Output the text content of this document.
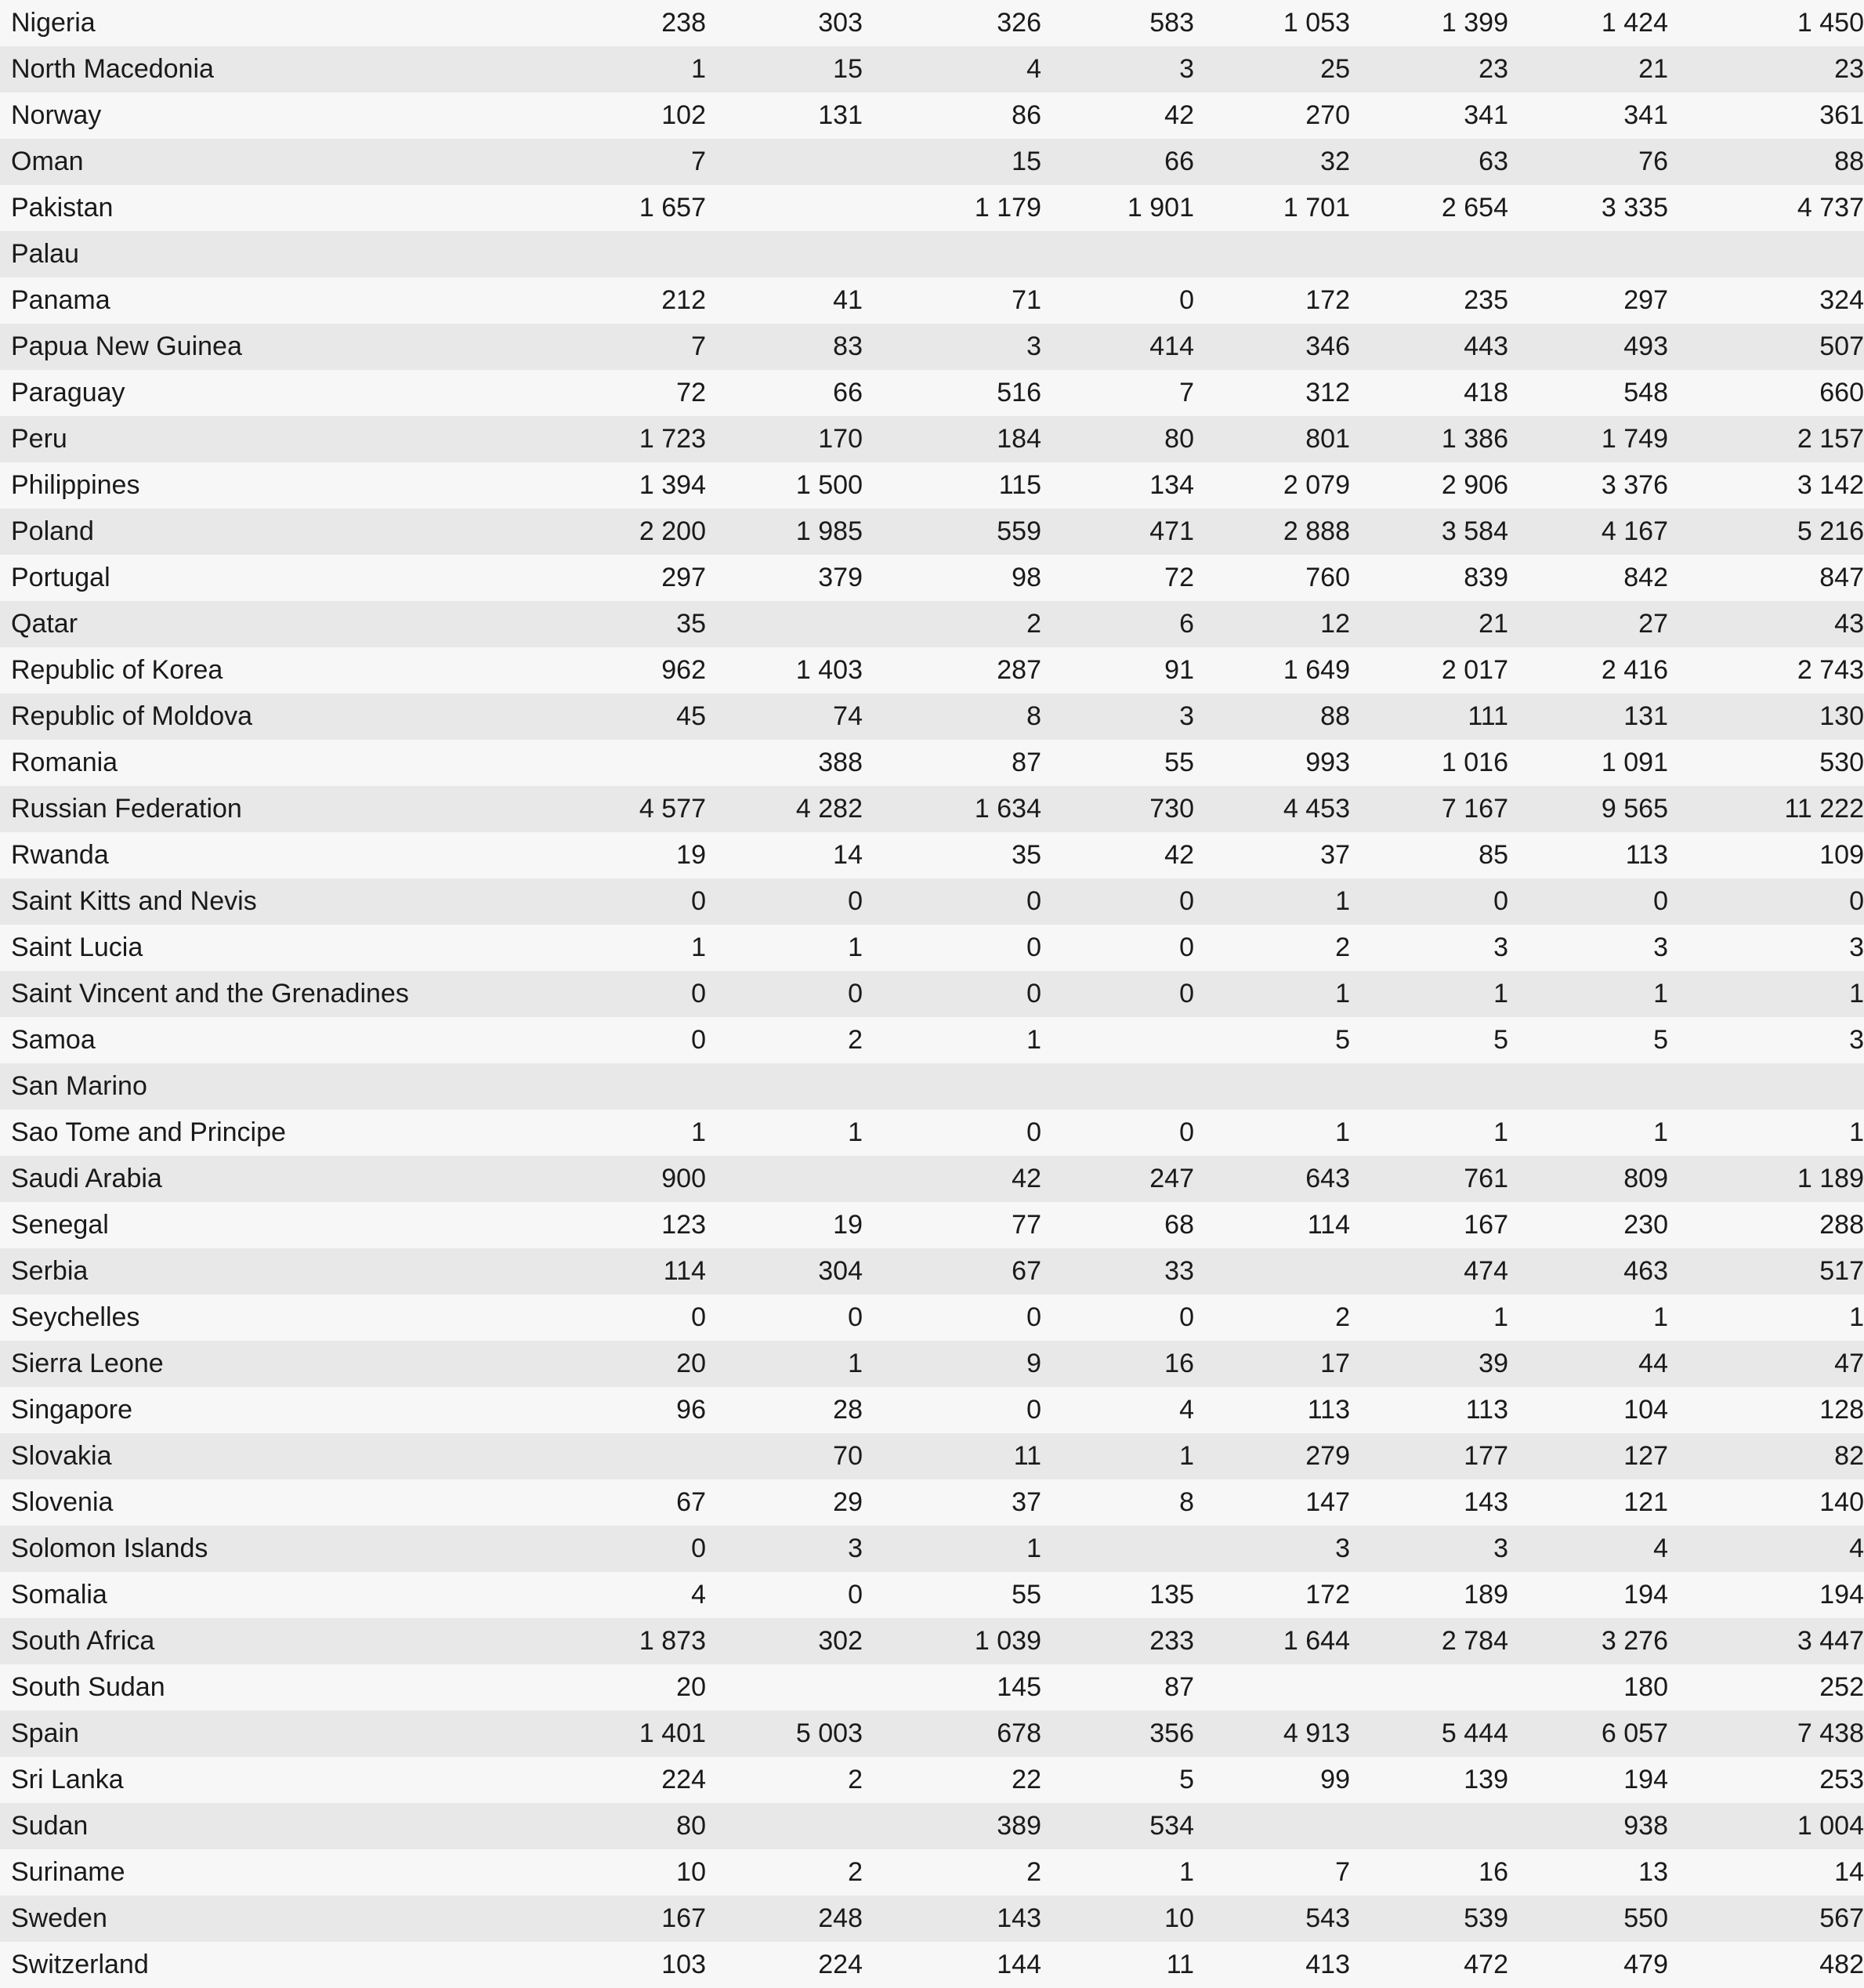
Nigeria	238	303	326	583	1 053	1 399	1 424	1 450
North Macedonia	1	15	4	3	25	23	21	23
Norway	102	131	86	42	270	341	341	361
Oman	7		15	66	32	63	76	88
Pakistan	1 657		1 179	1 901	1 701	2 654	3 335	4 737
Palau								
Panama	212	41	71	0	172	235	297	324
Papua New Guinea	7	83	3	414	346	443	493	507
Paraguay	72	66	516	7	312	418	548	660
Peru	1 723	170	184	80	801	1 386	1 749	2 157
Philippines	1 394	1 500	115	134	2 079	2 906	3 376	3 142
Poland	2 200	1 985	559	471	2 888	3 584	4 167	5 216
Portugal	297	379	98	72	760	839	842	847
Qatar	35		2	6	12	21	27	43
Republic of Korea	962	1 403	287	91	1 649	2 017	2 416	2 743
Republic of Moldova	45	74	8	3	88	111	131	130
Romania		388	87	55	993	1 016	1 091	530
Russian Federation	4 577	4 282	1 634	730	4 453	7 167	9 565	11 222
Rwanda	19	14	35	42	37	85	113	109
Saint Kitts and Nevis	0	0	0	0	1	0	0	0
Saint Lucia	1	1	0	0	2	3	3	3
Saint Vincent and the Grenadines	0	0	0	0	1	1	1	1
Samoa	0	2	1		5	5	5	3
San Marino								
Sao Tome and Principe	1	1	0	0	1	1	1	1
Saudi Arabia	900		42	247	643	761	809	1 189
Senegal	123	19	77	68	114	167	230	288
Serbia	114	304	67	33		474	463	517
Seychelles	0	0	0	0	2	1	1	1
Sierra Leone	20	1	9	16	17	39	44	47
Singapore	96	28	0	4	113	113	104	128
Slovakia		70	11	1	279	177	127	82
Slovenia	67	29	37	8	147	143	121	140
Solomon Islands	0	3	1		3	3	4	4
Somalia	4	0	55	135	172	189	194	194
South Africa	1 873	302	1 039	233	1 644	2 784	3 276	3 447
South Sudan	20		145	87			180	252
Spain	1 401	5 003	678	356	4 913	5 444	6 057	7 438
Sri Lanka	224	2	22	5	99	139	194	253
Sudan	80		389	534			938	1 004
Suriname	10	2	2	1	7	16	13	14
Sweden	167	248	143	10	543	539	550	567
Switzerland	103	224	144	11	413	472	479	482
